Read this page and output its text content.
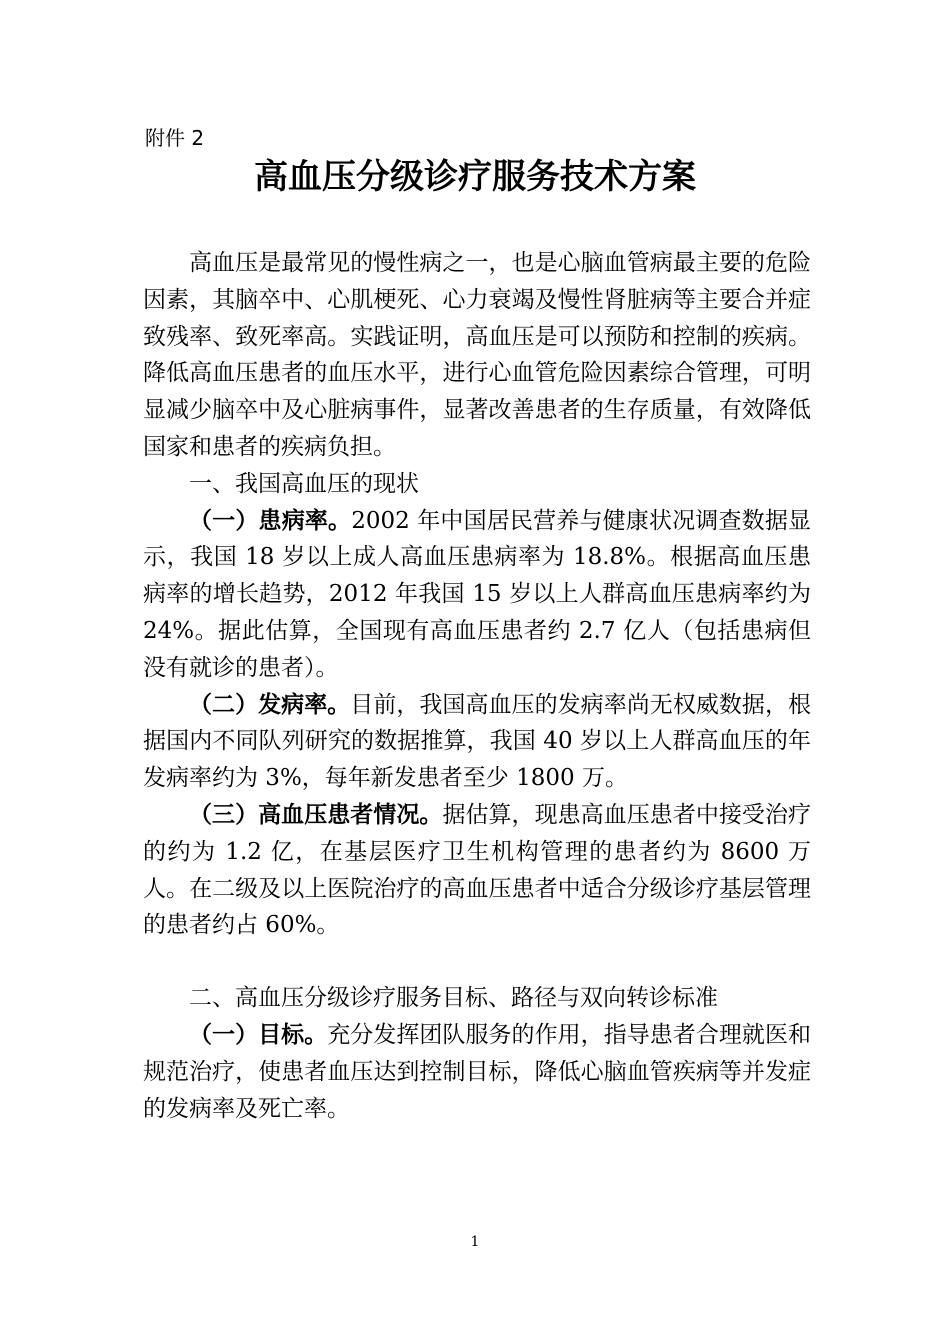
附件 2
高血压分级诊疗服务技术方案

高血压是最常见的慢性病之一，也是心脑血管病最主要的危险因素，其脑卒中、心肌梗死、心力衰竭及慢性肾脏病等主要合并症致残率、致死率高。实践证明，高血压是可以预防和控制的疾病。降低高血压患者的血压水平，进行心血管危险因素综合管理，可明显减少脑卒中及心脏病事件，显著改善患者的生存质量，有效降低国家和患者的疾病负担。

一、我国高血压的现状

（一）患病率。2002 年中国居民营养与健康状况调查数据显示，我国 18 岁以上成人高血压患病率为 18.8%。根据高血压患病率的增长趋势，2012 年我国 15 岁以上人群高血压患病率约为 24%。据此估算，全国现有高血压患者约 2.7 亿人（包括患病但没有就诊的患者）。

（二）发病率。目前，我国高血压的发病率尚无权威数据，根据国内不同队列研究的数据推算，我国 40 岁以上人群高血压的年发病率约为 3%，每年新发患者至少 1800 万。

（三）高血压患者情况。据估算，现患高血压患者中接受治疗的约为 1.2 亿，在基层医疗卫生机构管理的患者约为 8600 万人。在二级及以上医院治疗的高血压患者中适合分级诊疗基层管理的患者约占 60%。

二、高血压分级诊疗服务目标、路径与双向转诊标准

（一）目标。充分发挥团队服务的作用，指导患者合理就医和规范治疗，使患者血压达到控制目标，降低心脑血管疾病等并发症的发病率及死亡率。

1
